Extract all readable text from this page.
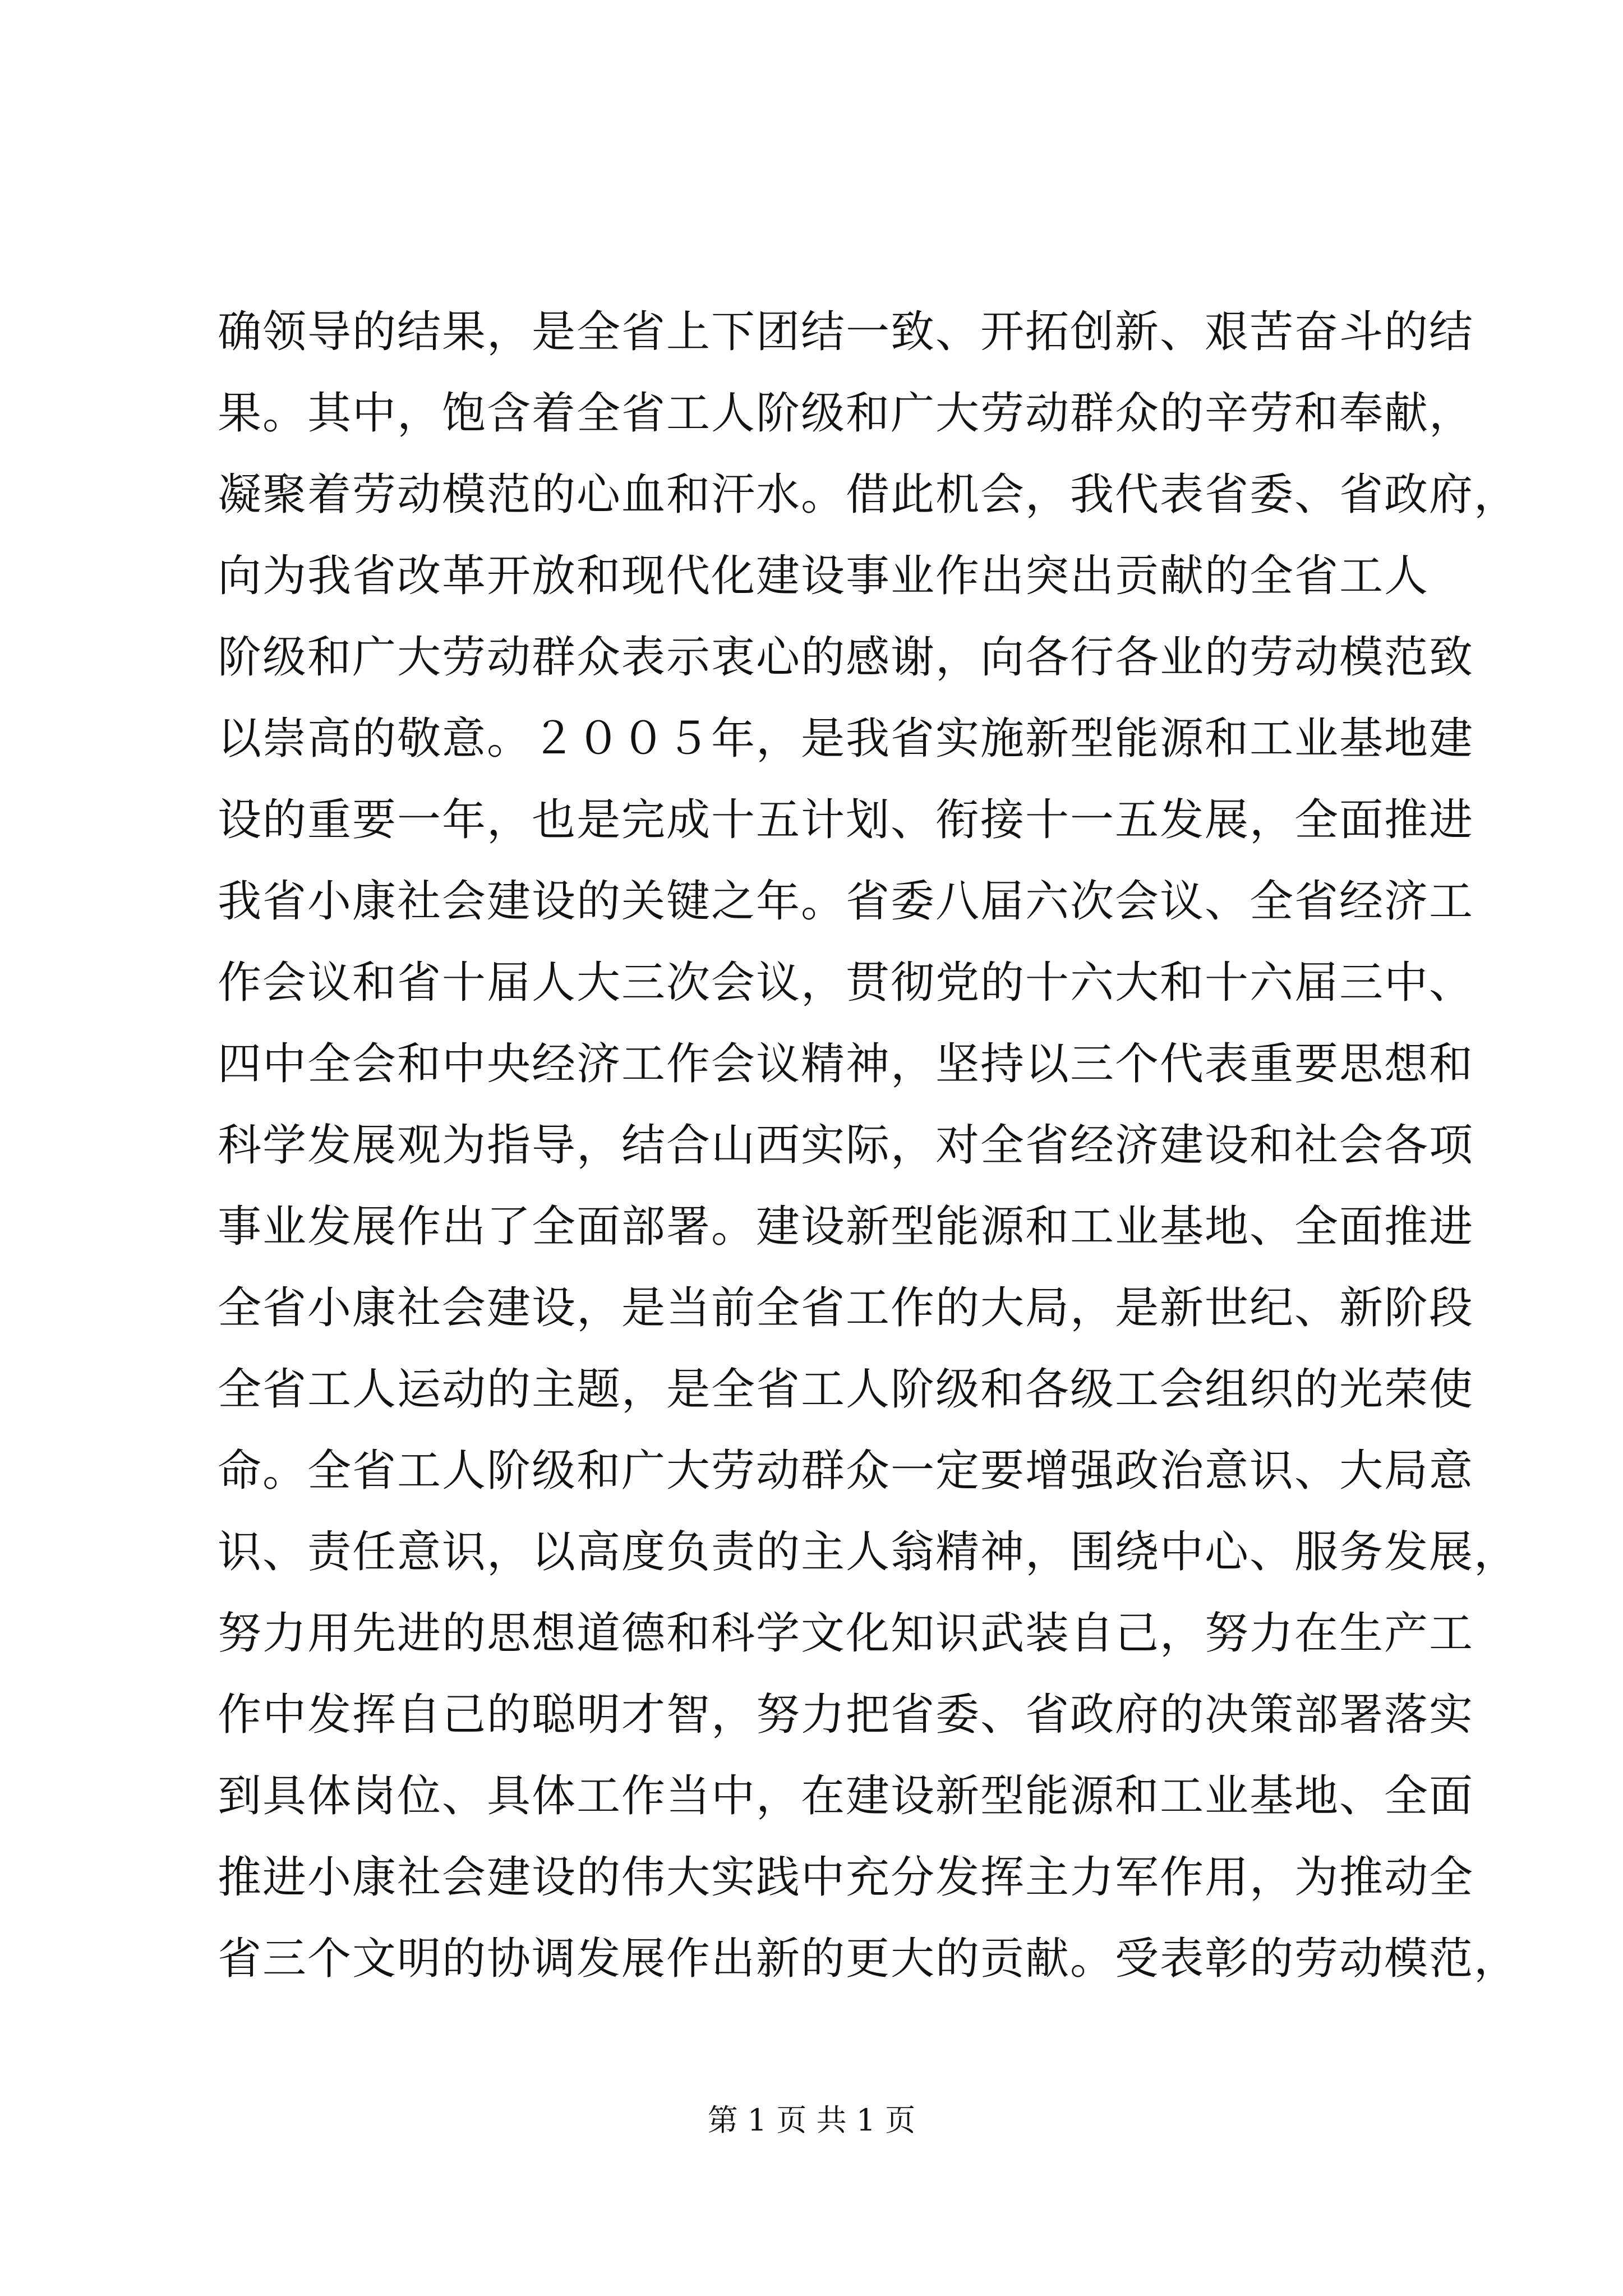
确领导的结果，是全省上下团结一致、开拓创新、艰苦奋斗的结
果。其中，饱含着全省工人阶级和广大劳动群众的辛劳和奉献，
凝聚着劳动模范的心血和汗水。借此机会，我代表省委、省政府，
向为我省改革开放和现代化建设事业作出突出贡献的全省工人
阶级和广大劳动群众表示衷心的感谢，向各行各业的劳动模范致
以崇高的敬意。２００５年，是我省实施新型能源和工业基地建
设的重要一年，也是完成十五计划、衔接十一五发展，全面推进
我省小康社会建设的关键之年。省委八届六次会议、全省经济工
作会议和省十届人大三次会议，贯彻党的十六大和十六届三中、
四中全会和中央经济工作会议精神，坚持以三个代表重要思想和
科学发展观为指导，结合山西实际，对全省经济建设和社会各项
事业发展作出了全面部署。建设新型能源和工业基地、全面推进
全省小康社会建设，是当前全省工作的大局，是新世纪、新阶段
全省工人运动的主题，是全省工人阶级和各级工会组织的光荣使
命。全省工人阶级和广大劳动群众一定要增强政治意识、大局意
识、责任意识，以高度负责的主人翁精神，围绕中心、服务发展，
努力用先进的思想道德和科学文化知识武装自己，努力在生产工
作中发挥自己的聪明才智，努力把省委、省政府的决策部署落实
到具体岗位、具体工作当中，在建设新型能源和工业基地、全面
推进小康社会建设的伟大实践中充分发挥主力军作用，为推动全
省三个文明的协调发展作出新的更大的贡献。受表彰的劳动模范，
第 1 页 共 1 页
